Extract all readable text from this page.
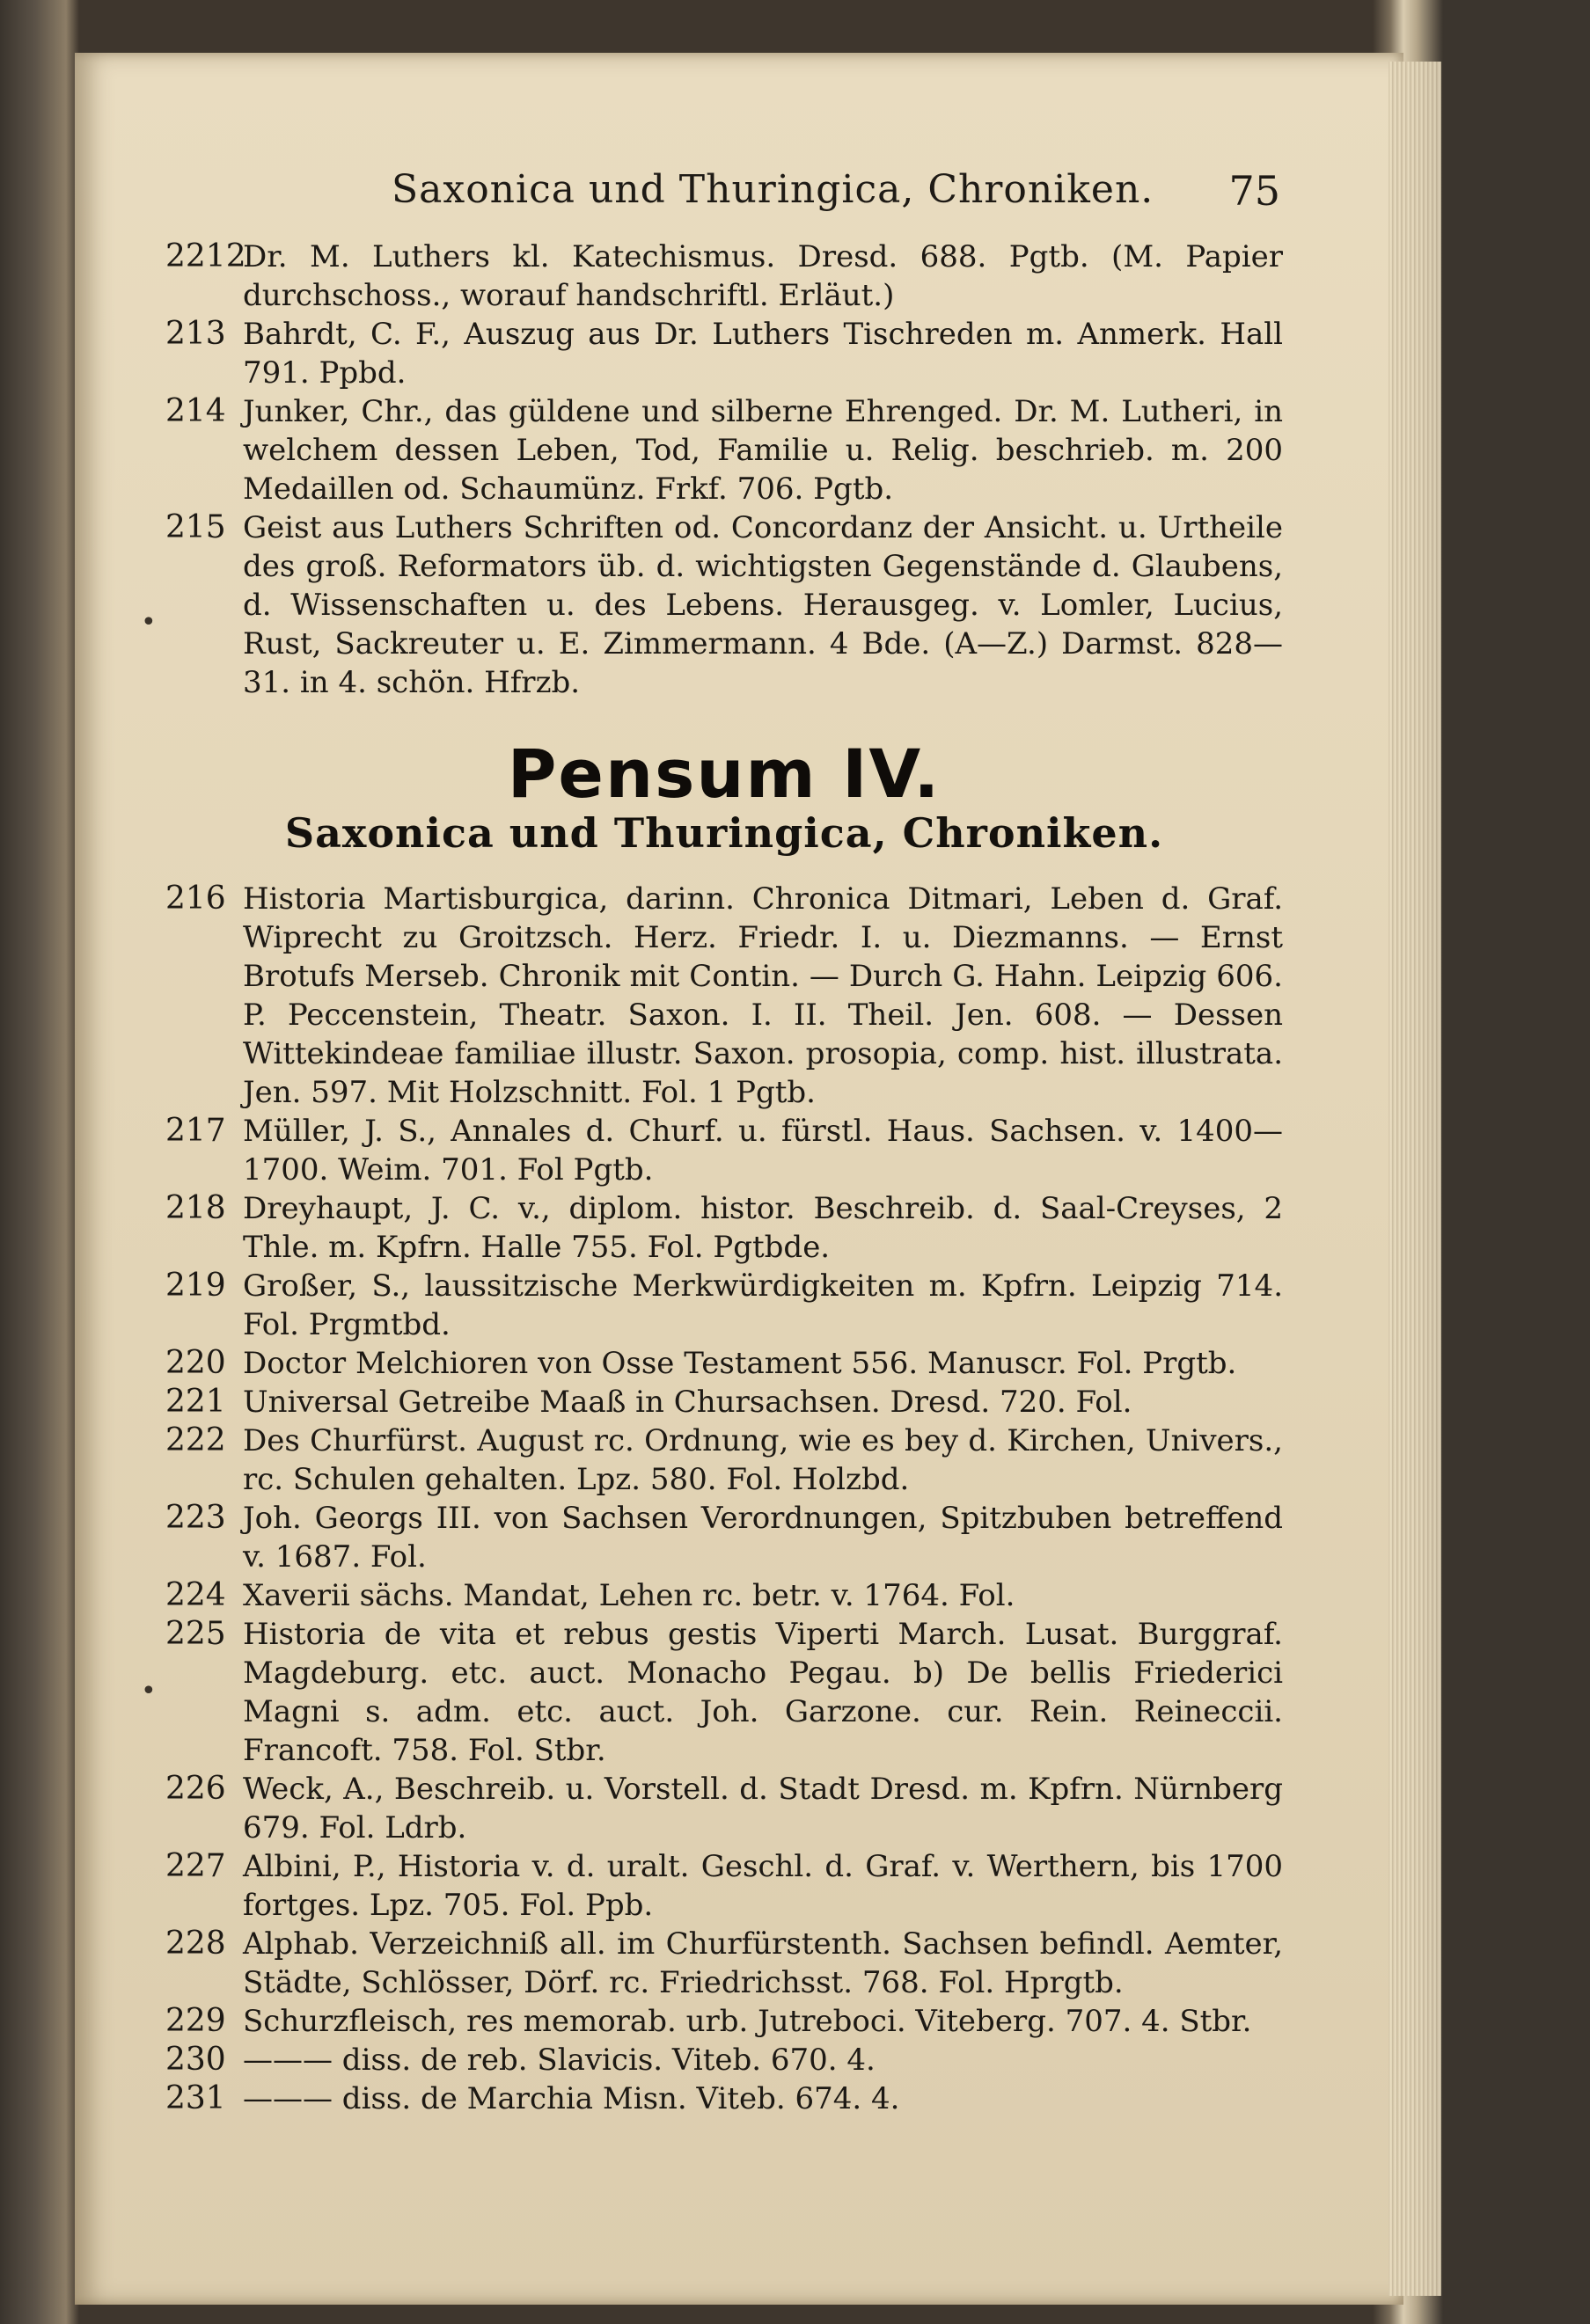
Saxonica und Thuringica, Chroniken. 75
2212
Dr. M. Luthers kl. Katechismus. Dresd. 688. Pgtb. (M. Papier durchschoss., worauf handschriftl. Erläut.)
213 Bahrdt, C. F., Auszug aus Dr. Luthers Tischreden m. Anmerk. Hall 791. Ppbd.
214 Junker, Chr., das güldene und silberne Ehrenged. Dr. M. Lutheri, in welchem dessen Leben, Tod, Familie u. Relig. beschrieb. m. 200 Medaillen od. Schaumünz. Frkf. 706. Pgtb.
215 Geist aus Luthers Schriften od. Concordanz der Ansicht. u. Urtheile des groß. Reformators üb. d. wichtigsten Gegenstände d. Glaubens, d. Wissenschaften u. des Lebens. Herausgeg. v. Lomler, Lucius, Rust, Sackreuter u. E. Zimmermann. 4 Bde. (A—Z.) Darmst. 828—31. in 4. schön. Hfrzb.
Pensum IV.
Saxonica und Thuringica, Chroniken.
216 Historia Martisburgica, darinn. Chronica Ditmari, Leben d. Graf. Wiprecht zu Groitzsch. Herz. Friedr. I. u. Diezmanns. — Ernst Brotufs Merseb. Chronik mit Contin. — Durch G. Hahn. Leipzig 606. P. Peccenstein, Theatr. Saxon. I. II. Theil. Jen. 608. — Dessen Wittekindeae familiae illustr. Saxon. prosopia, comp. hist. illustrata. Jen. 597. Mit Holzschnitt. Fol. 1 Pgtb.
217 Müller, J. S., Annales d. Churf. u. fürstl. Haus. Sachsen. v. 1400—1700. Weim. 701. Fol Pgtb.
218 Dreyhaupt, J. C. v., diplom. histor. Beschreib. d. Saal-Creyses, 2 Thle. m. Kpfrn. Halle 755. Fol. Pgtbde.
219 Großer, S., laussitzische Merkwürdigkeiten m. Kpfrn. Leipzig 714. Fol. Prgmtbd.
220 Doctor Melchioren von Osse Testament 556. Manuscr. Fol. Prgtb.
221 Universal Getreibe Maaß in Chursachsen. Dresd. 720. Fol.
222 Des Churfürst. August rc. Ordnung, wie es bey d. Kirchen, Univers., rc. Schulen gehalten. Lpz. 580. Fol. Holzbd.
223 Joh. Georgs III. von Sachsen Verordnungen, Spitzbuben betreffend v. 1687. Fol.
224 Xaverii sächs. Mandat, Lehen rc. betr. v. 1764. Fol.
225 Historia de vita et rebus gestis Viperti March. Lusat. Burggraf. Magdeburg. etc. auct. Monacho Pegau. b) De bellis Friederici Magni s. adm. etc. auct. Joh. Garzone. cur. Rein. Reineccii. Francoft. 758. Fol. Stbr.
226 Weck, A., Beschreib. u. Vorstell. d. Stadt Dresd. m. Kpfrn. Nürnberg 679. Fol. Ldrb.
227 Albini, P., Historia v. d. uralt. Geschl. d. Graf. v. Werthern, bis 1700 fortges. Lpz. 705. Fol. Ppb.
228 Alphab. Verzeichniß all. im Churfürstenth. Sachsen befindl. Aemter, Städte, Schlösser, Dörf. rc. Friedrichsst. 768. Fol. Hprgtb.
229 Schurzfleisch, res memorab. urb. Jutreboci. Viteberg. 707. 4. Stbr.
230 ——— diss. de reb. Slavicis. Viteb. 670. 4.
231 ——— diss. de Marchia Misn. Viteb. 674. 4.
•
•
